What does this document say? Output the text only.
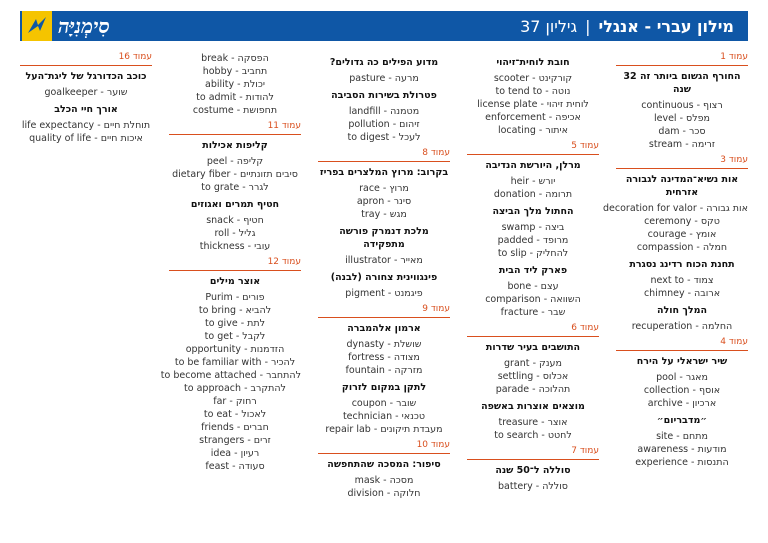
מילון עברי - אנגלי|גיליון 37
סִימְנִיָּה
עמוד 1
החורף הגשום ביותר זה 32 שנה
רצוף - continuous
מפלס - level
סכר - dam
זרימה - stream
עמוד 3
אות נשיא־המדינה לגבורה אזרחית
אות גבורה - decoration for valor
טקס - ceremony
אומץ - courage
חמלה - compassion
תחנת הכוח רדינג נסגרת
צמוד - next to
ארובה - chimney
המלך חולה
החלמה - recuperation
עמוד 4
שיר ישראלי על הירח
מאגר - pool
אוסף - collection
ארכיון - archive
״מדבריום״
מתחם - site
מודעות - awareness
התנסות - experience
חובת לוחית־זיהוי
קורקינט - scooter
נוטה - to tend to
לוחית זיהוי - license plate
אכיפה - enforcement
איתור - locating
עמוד 5
מרלן, היורשת הנדיבה
יורש - heir
תרומה - donation
החתול מלך הביצה
ביצה - swamp
מרופד - padded
להחליק - to slip
פארק ליד הבית
עצם - bone
השוואה - comparison
שבר - fracture
עמוד 6
התושבים בעיר שדרות
מענק - grant
אכלוס - settling
תהלוכה - parade
מוצאים אוצרות באשפה
אוצר - treasure
לחטט - to search
עמוד 7
סוללה ל־50 שנה
סוללה - battery
מדוע הפילים כה גדולים?
מרעה - pasture
פטרולת בשירות הסביבה
מטמנה - landfill
זיהום - pollution
לעכל - to digest
עמוד 8
בקרוב: מרוץ המלצרים בפריז
מרוץ - race
סינר - apron
מגש - tray
מלכת דנמרק פורשה מתפקידה
מאייר - illustrator
פינגווינית צחורה (לבנה)
פיגמנט - pigment
עמוד 9
ארמון אלהמברה
שושלת - dynasty
מצודה - fortress
מזרקה - fountain
לתקן במקום לזרוק
שובר - coupon
טכנאי - technician
מעבדת תיקונים - repair lab
עמוד 10
סיפור: המסכה שהתחפשה
מסכה - mask
חלוקה - division
הפסקה - break
תחביב - hobby
יכולת - ability
להודות - to admit
תחפושת - costume
עמוד 11
קליפות אכילות
קליפה - peel
סיבים תזונתיים - dietary fiber
לגרר - to grate
חטיף תמרים ואגוזים
חטיף - snack
גליל - roll
עובי - thickness
עמוד 12
אוצר מילים
פורים - Purim
להביא - to bring
לתת - to give
לקבל - to get
הזדמנות - opportunity
להכיר - to be familiar with
להתחבר - to become attached
להתקרב - to approach
רחוק - far
לאכול - to eat
חברים - friends
זרים - strangers
רעיון - idea
סעודה - feast
עמוד 16
כוכב הכדורגל של ליגת־העל
שוער - goalkeeper
אורך חיי הכלב
תוחלת חיים - life expectancy
איכות חיים - quality of life
